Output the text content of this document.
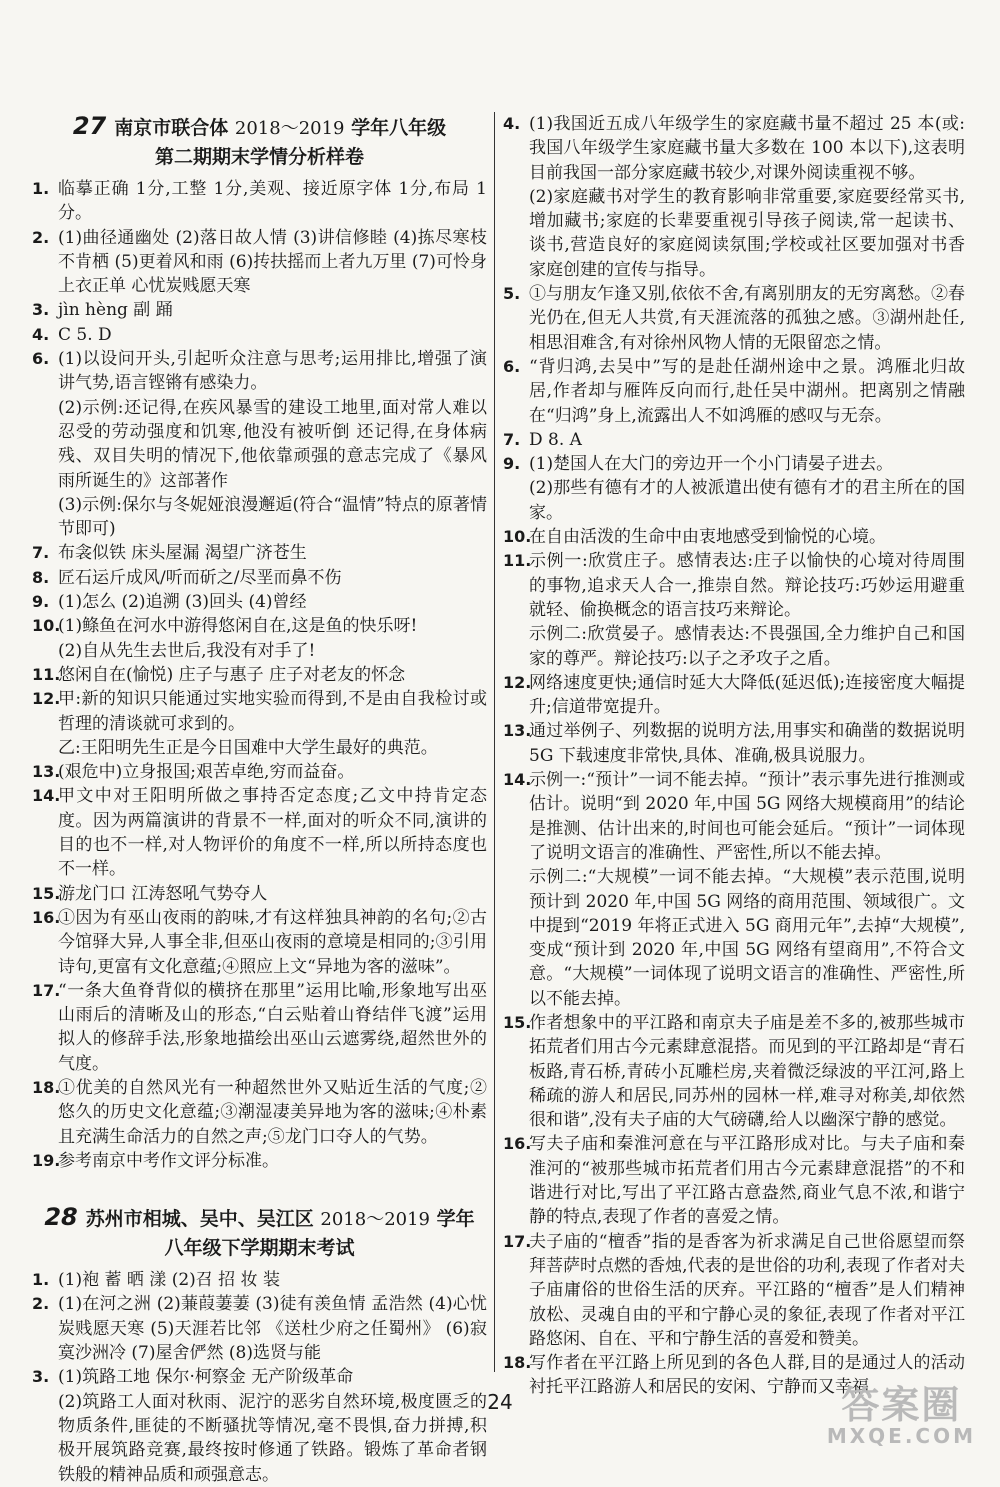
27 南京市联合体 2018～2019 学年八年级
第二期期末学情分析样卷
1. 临摹正确 1分,工整 1分,美观、接近原字体 1分,布局 1分。

2. (1)曲径通幽处 (2)落日故人情 (3)讲信修睦 (4)拣尽寒枝不肯栖 (5)更着风和雨 (6)抟扶摇而上者九万里 (7)可怜身上衣正单 心忧炭贱愿天寒

3. jìn hèng 副 踊

4. C 5. D

6. (1)以设问开头,引起听众注意与思考;运用排比,增强了演讲气势,语言铿锵有感染力。

(2)示例:还记得,在疾风暴雪的建设工地里,面对常人难以忍受的劳动强度和饥寒,他没有被听倒 还记得,在身体病残、双目失明的情况下,他依靠顽强的意志完成了《暴风雨所诞生的》这部著作

(3)示例:保尔与冬妮娅浪漫邂逅(符合“温情”特点的原著情节即可)

7. 布衾似铁 床头屋漏 渴望广济苍生

8. 匠石运斤成风/听而斫之/尽垩而鼻不伤

9. (1)怎么 (2)追溯 (3)回头 (4)曾经

10.

(1)鲦鱼在河水中游得悠闲自在,这是鱼的快乐呀!

(2)自从先生去世后,我没有对手了!

11.

悠闲自在(愉悦) 庄子与惠子 庄子对老友的怀念

12.

甲:新的知识只能通过实地实验而得到,不是由自我检讨或哲理的清谈就可求到的。

乙:王阳明先生正是今日国难中大学生最好的典范。

13.

(艰危中)立身报国;艰苦卓绝,穷而益奋。

14.

甲文中对王阳明所做之事持否定态度;乙文中持肯定态度。因为两篇演讲的背景不一样,面对的听众不同,演讲的目的也不一样,对人物评价的角度不一样,所以所持态度也不一样。

15.

游龙门口 江涛怒吼气势夺人

16.

①因为有巫山夜雨的韵味,才有这样独具神韵的名句;②古今馆驿大异,人事全非,但巫山夜雨的意境是相同的;③引用诗句,更富有文化意蕴;④照应上文“异地为客的滋味”。

17.

“一条大鱼脊背似的横挤在那里”运用比喻,形象地写出巫山雨后的清晰及山的形态,“白云贴着山脊结伴飞渡”运用拟人的修辞手法,形象地描绘出巫山云遮雾绕,超然世外的气度。

18.

①优美的自然风光有一种超然世外又贴近生活的气度;②悠久的历史文化意蕴;③潮湿凄美异地为客的滋味;④朴素且充满生命活力的自然之声;⑤龙门口夺人的气势。

19.

参考南京中考作文评分标准。

28 苏州市相城、吴中、吴江区 2018～2019 学年
八年级下学期期末考试
1. (1)袍 蓄 晒 漾 (2)召 招 妆 装

2. (1)在河之洲 (2)蒹葭萋萋 (3)徒有羡鱼情 孟浩然 (4)心忧炭贱愿天寒 (5)天涯若比邻 《送杜少府之任蜀州》 (6)寂寞沙洲冷 (7)屋舍俨然 (8)选贤与能

3. (1)筑路工地 保尔·柯察金 无产阶级革命

(2)筑路工人面对秋雨、泥泞的恶劣自然环境,极度匮乏的物质条件,匪徒的不断骚扰等情况,毫不畏惧,奋力拼搏,积极开展筑路竞赛,最终按时修通了铁路。锻炼了革命者钢铁般的精神品质和顽强意志。

4. (1)我国近五成八年级学生的家庭藏书量不超过 25 本(或:我国八年级学生家庭藏书量大多数在 100 本以下),这表明目前我国一部分家庭藏书较少,对课外阅读重视不够。

(2)家庭藏书对学生的教育影响非常重要,家庭要经常买书,增加藏书;家庭的长辈要重视引导孩子阅读,常一起读书、谈书,营造良好的家庭阅读氛围;学校或社区要加强对书香家庭创建的宣传与指导。

5. ①与朋友乍逢又别,依依不舍,有离别朋友的无穷离愁。②春光仍在,但无人共赏,有天涯流落的孤独之感。③湖州赴任,相思泪难含,有对徐州风物人情的无限留恋之情。

6. “背归鸿,去吴中”写的是赴任湖州途中之景。鸿雁北归故居,作者却与雁阵反向而行,赴任吴中湖州。把离别之情融在“归鸿”身上,流露出人不如鸿雁的感叹与无奈。

7. D 8. A

9. (1)楚国人在大门的旁边开一个小门请晏子进去。

(2)那些有德有才的人被派遣出使有德有才的君主所在的国家。

10.

在自由活泼的生命中由衷地感受到愉悦的心境。

11.

示例一:欣赏庄子。感情表达:庄子以愉快的心境对待周围的事物,追求天人合一,推崇自然。辩论技巧:巧妙运用避重就轻、偷换概念的语言技巧来辩论。

示例二:欣赏晏子。感情表达:不畏强国,全力维护自己和国家的尊严。辩论技巧:以子之矛攻子之盾。

12.

网络速度更快;通信时延大大降低(延迟低);连接密度大幅提升;信道带宽提升。

13.

通过举例子、列数据的说明方法,用事实和确凿的数据说明 5G 下载速度非常快,具体、准确,极具说服力。

14.

示例一:“预计”一词不能去掉。“预计”表示事先进行推测或估计。说明“到 2020 年,中国 5G 网络大规模商用”的结论是推测、估计出来的,时间也可能会延后。“预计”一词体现了说明文语言的准确性、严密性,所以不能去掉。

示例二:“大规模”一词不能去掉。“大规模”表示范围,说明预计到 2020 年,中国 5G 网络的商用范围、领域很广。文中提到“2019 年将正式进入 5G 商用元年”,去掉“大规模”,变成“预计到 2020 年,中国 5G 网络有望商用”,不符合文意。“大规模”一词体现了说明文语言的准确性、严密性,所以不能去掉。

15.

作者想象中的平江路和南京夫子庙是差不多的,被那些城市拓荒者们用古今元素肆意混搭。而见到的平江路却是“青石板路,青石桥,青砖小瓦雕栏房,夹着微泛绿波的平江河,路上稀疏的游人和居民,同苏州的园林一样,难寻对称美,却依然很和谐”,没有夫子庙的大气磅礴,给人以幽深宁静的感觉。

16.

写夫子庙和秦淮河意在与平江路形成对比。与夫子庙和秦淮河的“被那些城市拓荒者们用古今元素肆意混搭”的不和谐进行对比,写出了平江路古意盎然,商业气息不浓,和谐宁静的特点,表现了作者的喜爱之情。

17.

夫子庙的“檀香”指的是香客为祈求满足自己世俗愿望而祭拜菩萨时点燃的香烛,代表的是世俗的功利,表现了作者对夫子庙庸俗的世俗生活的厌弃。平江路的“檀香”是人们精神放松、灵魂自由的平和宁静心灵的象征,表现了作者对平江路悠闲、自在、平和宁静生活的喜爱和赞美。

18.

写作者在平江路上所见到的各色人群,目的是通过人的活动衬托平江路游人和居民的安闲、宁静而又幸福

24	答案圈
MXQE.COM
